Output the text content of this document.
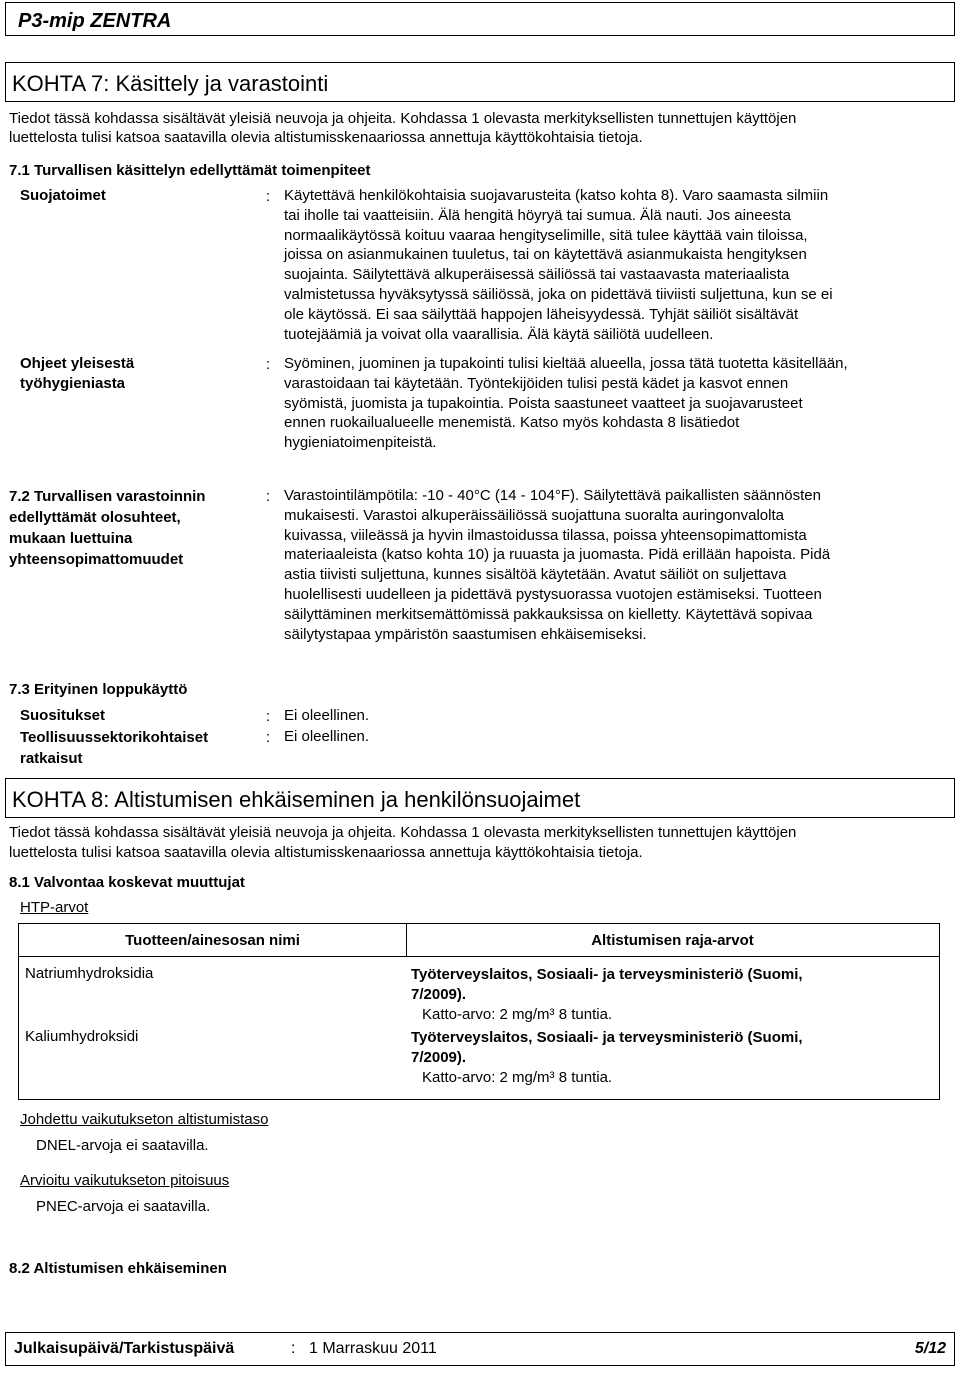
P3-mip ZENTRA
KOHTA 7: Käsittely ja varastointi
Tiedot tässä kohdassa sisältävät yleisiä neuvoja ja ohjeita. Kohdassa 1 olevasta merkityksellisten tunnettujen käyttöjen
luettelosta tulisi katsoa saatavilla olevia altistumisskenaariossa annettuja käyttökohtaisia tietoja.
7.1 Turvallisen käsittelyn edellyttämät toimenpiteet
Suojatoimet	: Käytettävä henkilökohtaisia suojavarusteita (katso kohta 8). Varo saamasta silmiin
tai iholle tai vaatteisiin. Älä hengitä höyryä tai sumua. Älä nauti. Jos aineesta
normaalikäytössä koituu vaaraa hengityselimille, sitä tulee käyttää vain tiloissa,
joissa on asianmukainen tuuletus, tai on käytettävä asianmukaista hengityksen
suojainta. Säilytettävä alkuperäisessä säiliössä tai vastaavasta materiaalista
valmistetussa hyväksytyssä säiliössä, joka on pidettävä tiiviisti suljettuna, kun se ei
ole käytössä. Ei saa säilyttää happojen läheisyydessä. Tyhjät säiliöt sisältävät
tuotejäämiä ja voivat olla vaarallisia. Älä käytä säiliötä uudelleen.
Ohjeet yleisestä
työhygieniasta
: Syöminen, juominen ja tupakointi tulisi kieltää alueella, jossa tätä tuotetta käsitellään,
varastoidaan tai käytetään. Työntekijöiden tulisi pestä kädet ja kasvot ennen
syömistä, juomista ja tupakointia. Poista saastuneet vaatteet ja suojavarusteet
ennen ruokailualueelle menemistä. Katso myös kohdasta 8 lisätiedot
hygieniatoimenpiteistä.
7.2 Turvallisen varastoinnin
edellyttämät olosuhteet,
mukaan luettuina
yhteensopimattomuudet
: Varastointilämpötila: -10 - 40°C (14 - 104°F). Säilytettävä paikallisten säännösten
mukaisesti. Varastoi alkuperäissäiliössä suojattuna suoralta auringonvalolta
kuivassa, viileässä ja hyvin ilmastoidussa tilassa, poissa yhteensopimattomista
materiaaleista (katso kohta 10) ja ruuasta ja juomasta. Pidä erillään hapoista. Pidä
astia tiivisti suljettuna, kunnes sisältöä käytetään. Avatut säiliöt on suljettava
huolellisesti uudelleen ja pidettävä pystysuorassa vuotojen estämiseksi. Tuotteen
säilyttäminen merkitsemättömissä pakkauksissa on kielletty. Käytettävä sopivaa
säilytystapaa ympäristön saastumisen ehkäisemiseksi.
7.3 Erityinen loppukäyttö
Suositukset	: Ei oleellinen.
Teollisuussektorikohtaiset
ratkaisut
: Ei oleellinen.
KOHTA 8: Altistumisen ehkäiseminen ja henkilönsuojaimet
Tiedot tässä kohdassa sisältävät yleisiä neuvoja ja ohjeita. Kohdassa 1 olevasta merkityksellisten tunnettujen käyttöjen
luettelosta tulisi katsoa saatavilla olevia altistumisskenaariossa annettuja käyttökohtaisia tietoja.
8.1 Valvontaa koskevat muuttujat
HTP-arvot
Tuotteen/ainesosan nimi	Altistumisen raja-arvot
Natriumhydroksidia	Työterveyslaitos, Sosiaali- ja terveysministeriö (Suomi,
7/2009).
Katto-arvo: 2 mg/m³ 8 tuntia.
Kaliumhydroksidi	Työterveyslaitos, Sosiaali- ja terveysministeriö (Suomi,
7/2009).
Katto-arvo: 2 mg/m³ 8 tuntia.
Johdettu vaikutukseton altistumistaso
DNEL-arvoja ei saatavilla.
Arvioitu vaikutukseton pitoisuus
PNEC-arvoja ei saatavilla.
8.2 Altistumisen ehkäiseminen
Julkaisupäivä/Tarkistuspäivä	: 1 Marraskuu 2011	5/12
